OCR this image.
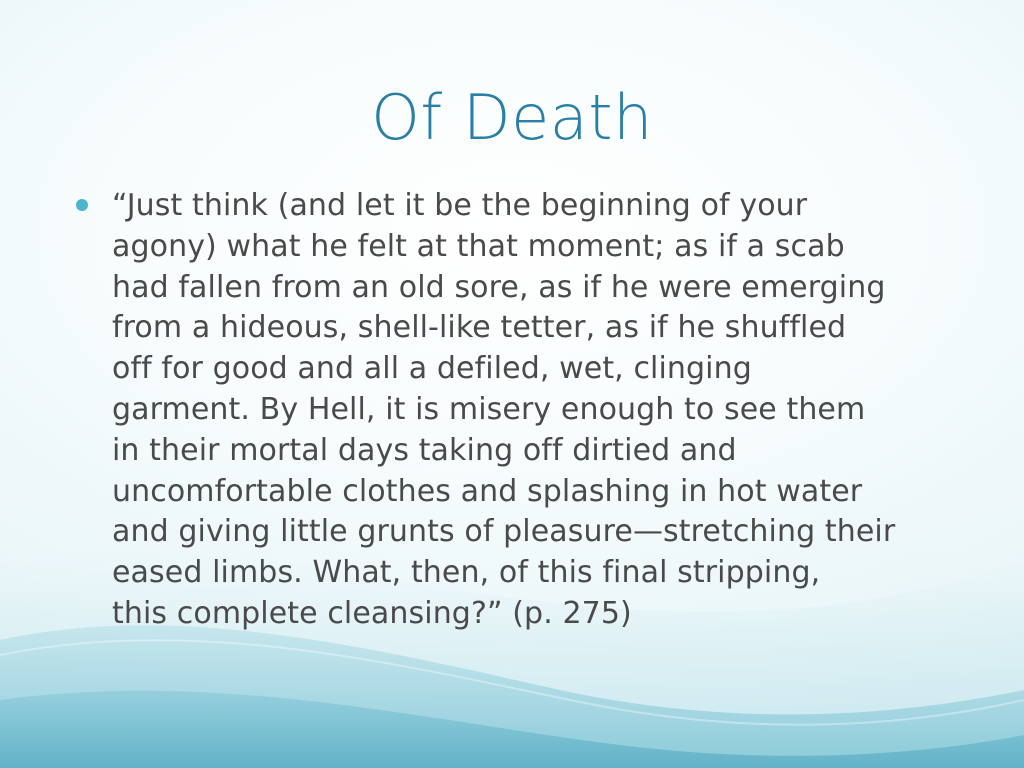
Of Death
“Just think (and let it be the beginning of your
agony) what he felt at that moment; as if a scab
had fallen from an old sore, as if he were emerging
from a hideous, shell-like tetter, as if he shuffled
off for good and all a defiled, wet, clinging
garment. By Hell, it is misery enough to see them
in their mortal days taking off dirtied and
uncomfortable clothes and splashing in hot water
and giving little grunts of pleasure—stretching their
eased limbs. What, then, of this final stripping,
this complete cleansing?” (p. 275)
